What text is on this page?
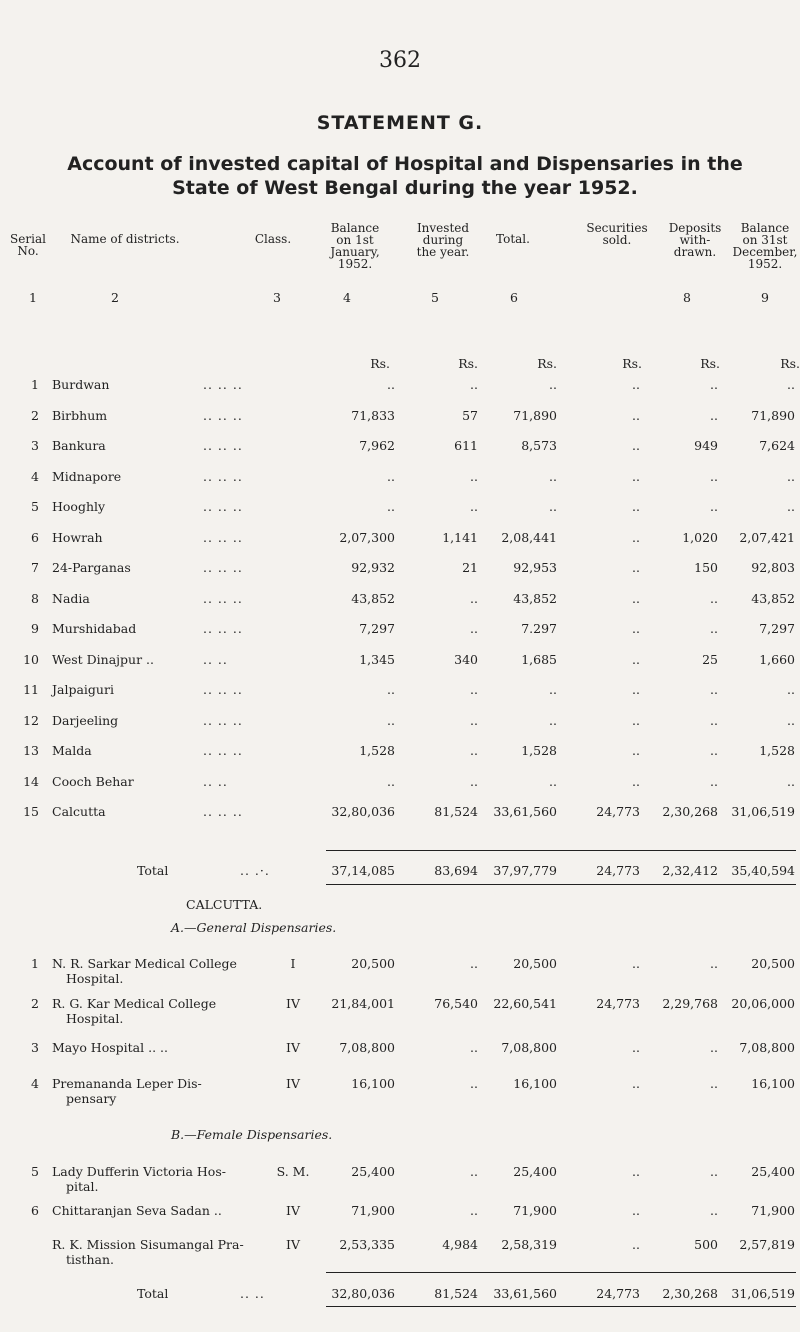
362
STATEMENT G.
Account of invested capital of Hospital and Dispensaries in the State of West Bengal during the year 1952.
Serial
No.
Name of districts.	Class.
Balance
on 1st
January,
1952.
Invested
during
the year.
Total.
Securities
sold.
Deposits
with-
drawn.
Balance
on 31st
December,
1952.
1	2	3	4	5	6	8	9
Rs.	Rs.	Rs.	Rs.	Rs.	Rs.
1 Burdwan	.. .. ..	..	..	..	..	..	..
2 Birbhum	.. .. ..	71,833	57	71,890	..	..	71,890
3 Bankura	.. .. ..	7,962	611	8,573	..	949	7,624
4 Midnapore	.. .. ..	..	..	..	..	..	..
5 Hooghly	.. .. ..	..	..	..	..	..	..
6 Howrah	.. .. ..	2,07,300	1,141	2,08,441	..	1,020	2,07,421
7 24-Parganas	.. .. ..	92,932	21	92,953	..	150	92,803
8 Nadia	.. .. ..	43,852	..	43,852	..	..	43,852
9 Murshidabad	.. .. ..	7,297	..	7.297	..	..	7,297
10 West Dinajpur ..	.. ..	1,345	340	1,685	..	25	1,660
11 Jalpaiguri	.. .. ..	..	..	..	..	..	..
12 Darjeeling	.. .. ..	..	..	..	..	..	..
13 Malda	.. .. ..	1,528	..	1,528	..	..	1,528
14 Cooch Behar	.. ..	..	..	..	..	..	..
15 Calcutta	.. .. ..	32,80,036	81,524	33,61,560	24,773	2,30,268	31,06,519
Total	.. .·.	37,14,085	83,694	37,97,779	24,773	2,32,412	35,40,594
CALCUTTA.
A.—General Dispensaries.
1 N. R. Sarkar Medical College
Hospital.
I	20,500	..	20,500	..	..	20,500
2 R. G. Kar Medical College
Hospital.
IV	21,84,001	76,540	22,60,541	24,773	2,29,768	20,06,000
3 Mayo Hospital .. ..	IV	7,08,800	..	7,08,800	..	..	7,08,800
4 Premananda Leper Dis-
pensary
IV	16,100	..	16,100	..	..	16,100
B.—Female Dispensaries.
5 Lady Dufferin Victoria Hos-
pital.
S. M.	25,400	..	25,400	..	..	25,400
6 Chittaranjan Seva Sadan ..	IV	71,900	..	71,900	..	..	71,900
R. K. Mission Sisumangal Pra-
tisthan.
IV	2,53,335	4,984	2,58,319	..	500	2,57,819
Total	.. ..	32,80,036	81,524	33,61,560	24,773	2,30,268	31,06,519
